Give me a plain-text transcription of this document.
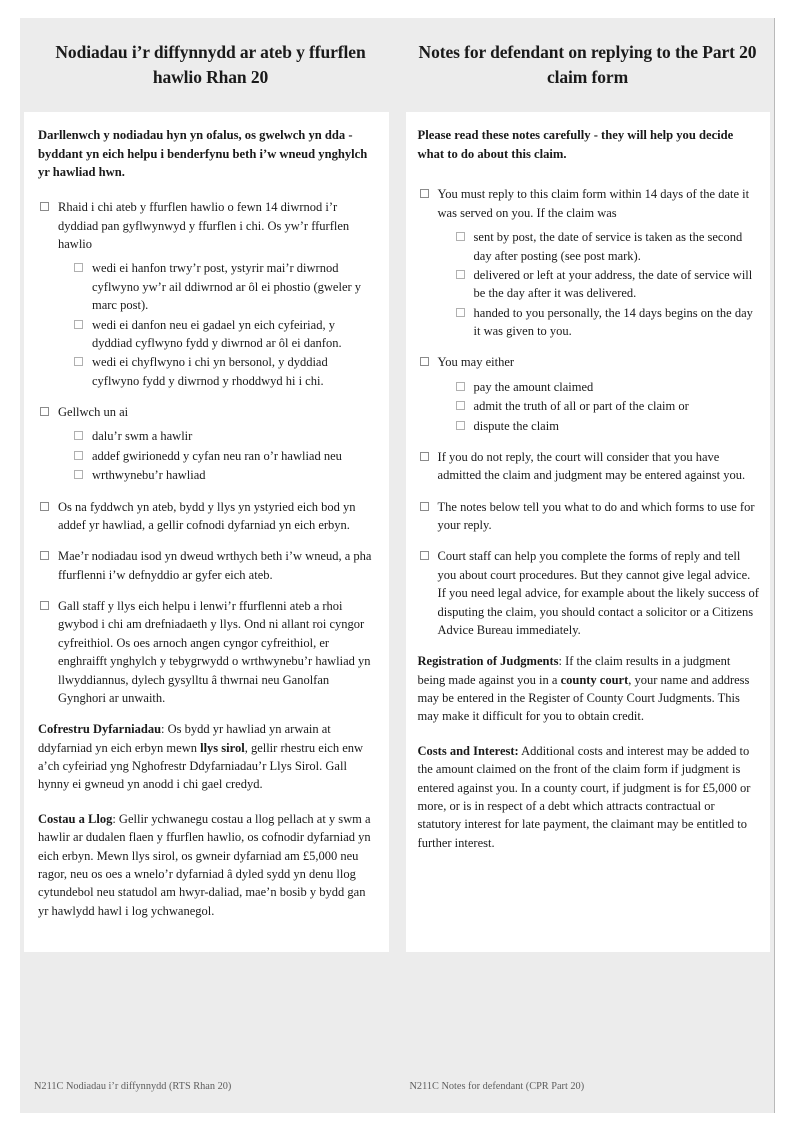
Nodiadau i’r diffynnydd ar ateb y ffurflen hawlio Rhan 20
Notes for defendant on replying to the Part 20 claim form

Darllenwch y nodiadau hyn yn ofalus, os gwelwch yn dda - byddant yn eich helpu i benderfynu beth i’w wneud ynghylch yr hawliad hwn.

Rhaid i chi ateb y ffurflen hawlio o fewn 14 diwrnod i’r dyddiad pan gyflwynwyd y ffurflen i chi. Os yw’r ffurflen hawlio
wedi ei hanfon trwy’r post, ystyrir mai’r diwrnod cyflwyno yw’r ail ddiwrnod ar ôl ei phostio (gweler y marc post).
wedi ei danfon neu ei gadael yn eich cyfeiriad, y dyddiad cyflwyno fydd y diwrnod ar ôl ei danfon.
wedi ei chyflwyno i chi yn bersonol, y dyddiad cyflwyno fydd y diwrnod y rhoddwyd hi i chi.
Gellwch un ai
dalu’r swm a hawlir
addef gwirionedd y cyfan neu ran o’r hawliad neu
wrthwynebu’r hawliad
Os na fyddwch yn ateb, bydd y llys yn ystyried eich bod yn addef yr hawliad, a gellir cofnodi dyfarniad yn eich erbyn.
Mae’r nodiadau isod yn dweud wrthych beth i’w wneud, a pha ffurflenni i’w defnyddio ar gyfer eich ateb.
Gall staff y llys eich helpu i lenwi’r ffurflenni ateb a rhoi gwybod i chi am drefniadaeth y llys. Ond ni allant roi cyngor cyfreithiol. Os oes arnoch angen cyngor cyfreithiol, er enghraifft ynghylch y tebygrwydd o wrthwynebu’r hawliad yn llwyddiannus, dylech gysylltu â thwrnai neu Ganolfan Gynghori ar unwaith.

Cofrestru Dyfarniadau: Os bydd yr hawliad yn arwain at ddyfarniad yn eich erbyn mewn llys sirol, gellir rhestru eich enw a’ch cyfeiriad yng Nghofrestr Ddyfarniadau’r Llys Sirol. Gall hynny ei gwneud yn anodd i chi gael credyd.

Costau a Llog: Gellir ychwanegu costau a llog pellach at y swm a hawlir ar dudalen flaen y ffurflen hawlio, os cofnodir dyfarniad yn eich erbyn. Mewn llys sirol, os gwneir dyfarniad am £5,000 neu ragor, neu os oes a wnelo’r dyfarniad â dyled sydd yn denu llog cytundebol neu statudol am hwyr-daliad, mae’n bosib y bydd gan yr hawlydd hawl i log ychwanegol.

Please read these notes carefully - they will help you decide what to do about this claim.

You must reply to this claim form within 14 days of the date it was served on you. If the claim was
sent by post, the date of service is taken as the second day after posting (see post mark).
delivered or left at your address, the date of service will be the day after it was delivered.
handed to you personally, the 14 days begins on the day it was given to you.
You may either
pay the amount claimed
admit the truth of all or part of the claim or
dispute the claim
If you do not reply, the court will consider that you have admitted the claim and judgment may be entered against you.
The notes below tell you what to do and which forms to use for your reply.
Court staff can help you complete the forms of reply and tell you about court procedures. But they cannot give legal advice. If you need legal advice, for example about the likely success of disputing the claim, you should contact a solicitor or a Citizens Advice Bureau immediately.

Registration of Judgments: If the claim results in a judgment being made against you in a county court, your name and address may be entered in the Register of County Court Judgments. This may make it difficult for you to obtain credit.

Costs and Interest: Additional costs and interest may be added to the amount claimed on the front of the claim form if judgment is entered against you. In a county court, if judgment is for £5,000 or more, or is in respect of a debt which attracts contractual or statutory interest for late payment, the claimant may be entitled to further interest.

N211C Nodiadau i’r diffynnydd (RTS Rhan 20)	N211C Notes for defendant (CPR Part 20)
